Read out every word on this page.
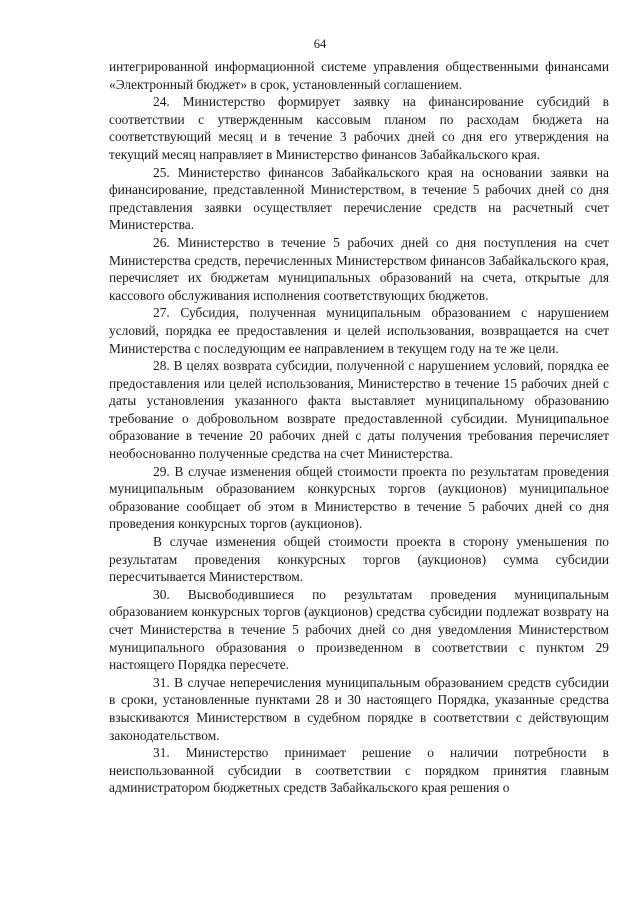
64

интегрированной информационной системе управления общественными финансами «Электронный бюджет» в срок, установленный соглашением.

24. Министерство формирует заявку на финансирование субсидий в соответствии с утвержденным кассовым планом по расходам бюджета на соответствующий месяц и в течение 3 рабочих дней со дня его утверждения на текущий месяц направляет в Министерство финансов Забайкальского края.

25. Министерство финансов Забайкальского края на основании заявки на финансирование, представленной Министерством, в течение 5 рабочих дней со дня представления заявки осуществляет перечисление средств на расчетный счет Министерства.

26. Министерство в течение 5 рабочих дней со дня поступления на счет Министерства средств, перечисленных Министерством финансов Забайкальского края, перечисляет их бюджетам муниципальных образований на счета, открытые для кассового обслуживания исполнения соответствующих бюджетов.

27. Субсидия, полученная муниципальным образованием с нарушением условий, порядка ее предоставления и целей использования, возвращается на счет Министерства с последующим ее направлением в текущем году на те же цели.

28. В целях возврата субсидии, полученной с нарушением условий, порядка ее предоставления или целей использования, Министерство в течение 15 рабочих дней с даты установления указанного факта выставляет муниципальному образованию требование о добровольном возврате предоставленной субсидии. Муниципальное образование в течение 20 рабочих дней с даты получения требования перечисляет необоснованно полученные средства на счет Министерства.

29. В случае изменения общей стоимости проекта по результатам проведения муниципальным образованием конкурсных торгов (аукционов) муниципальное образование сообщает об этом в Министерство в течение 5 рабочих дней со дня проведения конкурсных торгов (аукционов).

В случае изменения общей стоимости проекта в сторону уменьшения по результатам проведения конкурсных торгов (аукционов) сумма субсидии пересчитывается Министерством.

30. Высвободившиеся по результатам проведения муниципальным образованием конкурсных торгов (аукционов) средства субсидии подлежат возврату на счет Министерства в течение 5 рабочих дней со дня уведомления Министерством муниципального образования о произведенном в соответствии с пунктом 29 настоящего Порядка пересчете.

31. В случае неперечисления муниципальным образованием средств субсидии в сроки, установленные пунктами 28 и 30 настоящего Порядка, указанные средства взыскиваются Министерством в судебном порядке в соответствии с действующим законодательством.

31. Министерство принимает решение о наличии потребности в неиспользованной субсидии в соответствии с порядком принятия главным администратором бюджетных средств Забайкальского края решения о
